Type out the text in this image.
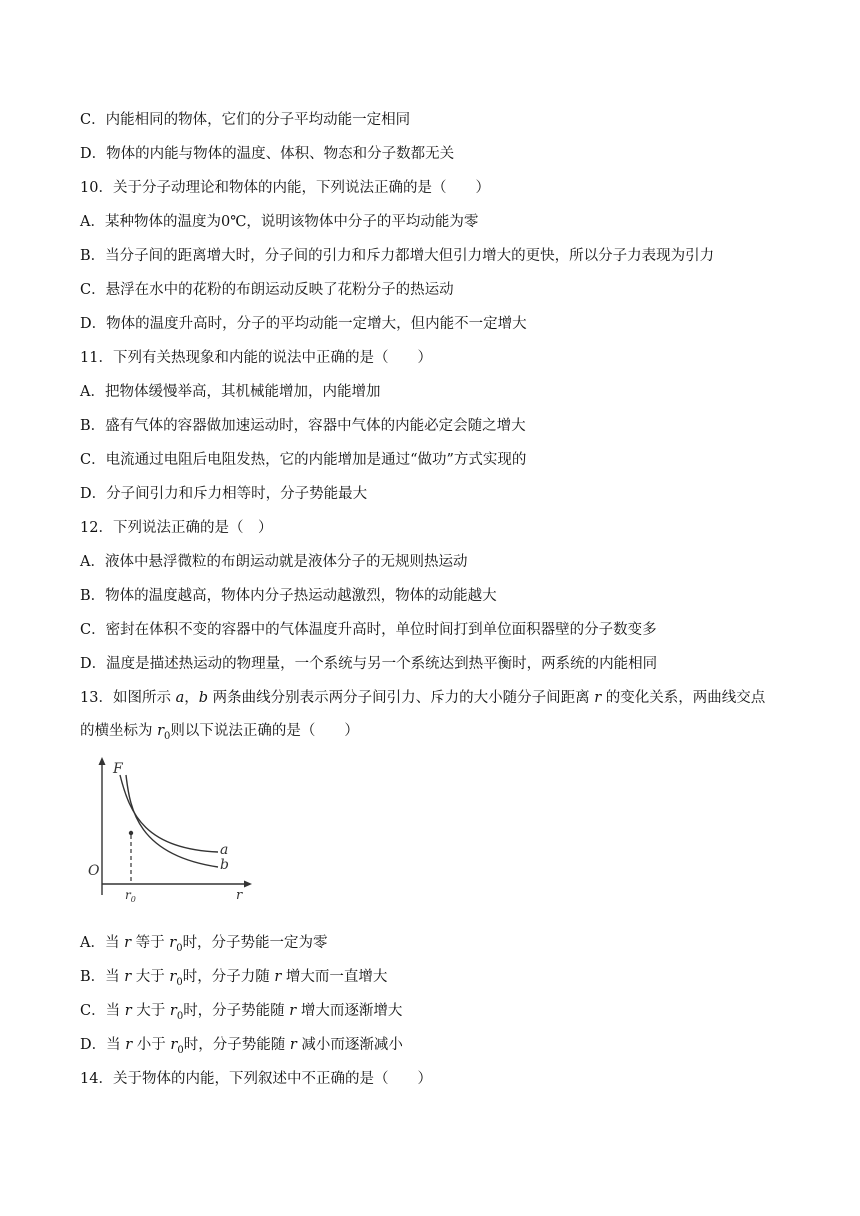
C．内能相同的物体，它们的分子平均动能一定相同
D．物体的内能与物体的温度、体积、物态和分子数都无关
10．关于分子动理论和物体的内能，下列说法正确的是（　　）
A．某种物体的温度为0℃，说明该物体中分子的平均动能为零
B．当分子间的距离增大时，分子间的引力和斥力都增大但引力增大的更快，所以分子力表现为引力
C．悬浮在水中的花粉的布朗运动反映了花粉分子的热运动
D．物体的温度升高时，分子的平均动能一定增大，但内能不一定增大
11．下列有关热现象和内能的说法中正确的是（　　）
A．把物体缓慢举高，其机械能增加，内能增加
B．盛有气体的容器做加速运动时，容器中气体的内能必定会随之增大
C．电流通过电阻后电阻发热，它的内能增加是通过“做功”方式实现的
D．分子间引力和斥力相等时，分子势能最大
12．下列说法正确的是（　）
A．液体中悬浮微粒的布朗运动就是液体分子的无规则热运动
B．物体的温度越高，物体内分子热运动越激烈，物体的动能越大
C．密封在体积不变的容器中的气体温度升高时，单位时间打到单位面积器壁的分子数变多
D．温度是描述热运动的物理量，一个系统与另一个系统达到热平衡时，两系统的内能相同
13．如图所示 a，b 两条曲线分别表示两分子间引力、斥力的大小随分子间距离 r 的变化关系，两曲线交点
的横坐标为 $r_0$则以下说法正确的是（　　）
F
O
a
b
$r_0$	r
A．当 r 等于 $r_0$时，分子势能一定为零
B．当 r 大于 $r_0$时，分子力随 r 增大而一直增大
C．当 r 大于 $r_0$时，分子势能随 r 增大而逐渐增大
D．当 r 小于 $r_0$时，分子势能随 r 减小而逐渐减小
14．关于物体的内能，下列叙述中不正确的是（　　）
